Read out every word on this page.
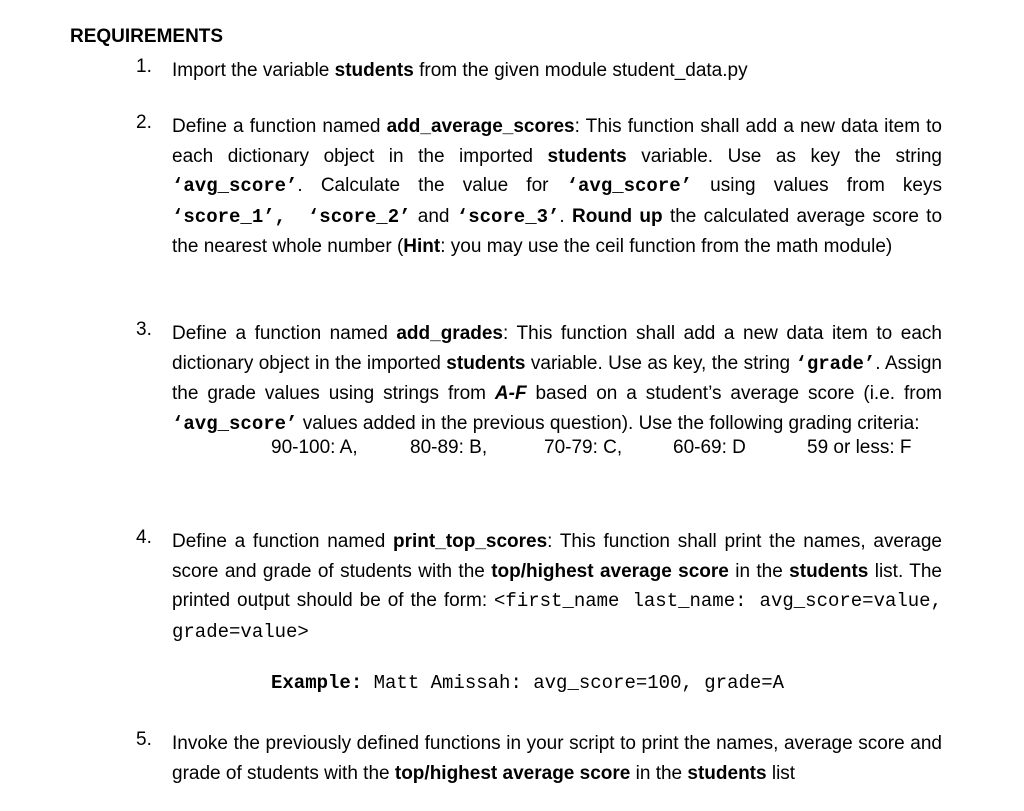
REQUIREMENTS
1.	Import the variable students from the given module student_data.py
2.	Define a function named add_average_scores: This function shall add a new data item to each dictionary object in the imported students variable. Use as key the string ‘avg_score’. Calculate the value for ‘avg_score’ using values from keys ‘score_1’, ‘score_2’ and ‘score_3’. Round up the calculated average score to the nearest whole number (Hint: you may use the ceil function from the math module)
3.	Define a function named add_grades: This function shall add a new data item to each dictionary object in the imported students variable. Use as key, the string ‘grade’. Assign the grade values using strings from A-F based on a student’s average score (i.e. from ‘avg_score’ values added in the previous question). Use the following grading criteria:
90-100: A,	80-89: B,	70-79: C,	60-69: D	59 or less: F
4.	Define a function named print_top_scores: This function shall print the names, average score and grade of students with the top/highest average score in the students list. The printed output should be of the form: <first_name last_name: avg_score=value, grade=value>
Example: Matt Amissah: avg_score=100, grade=A
5.	Invoke the previously defined functions in your script to print the names, average score and grade of students with the top/highest average score in the students list
